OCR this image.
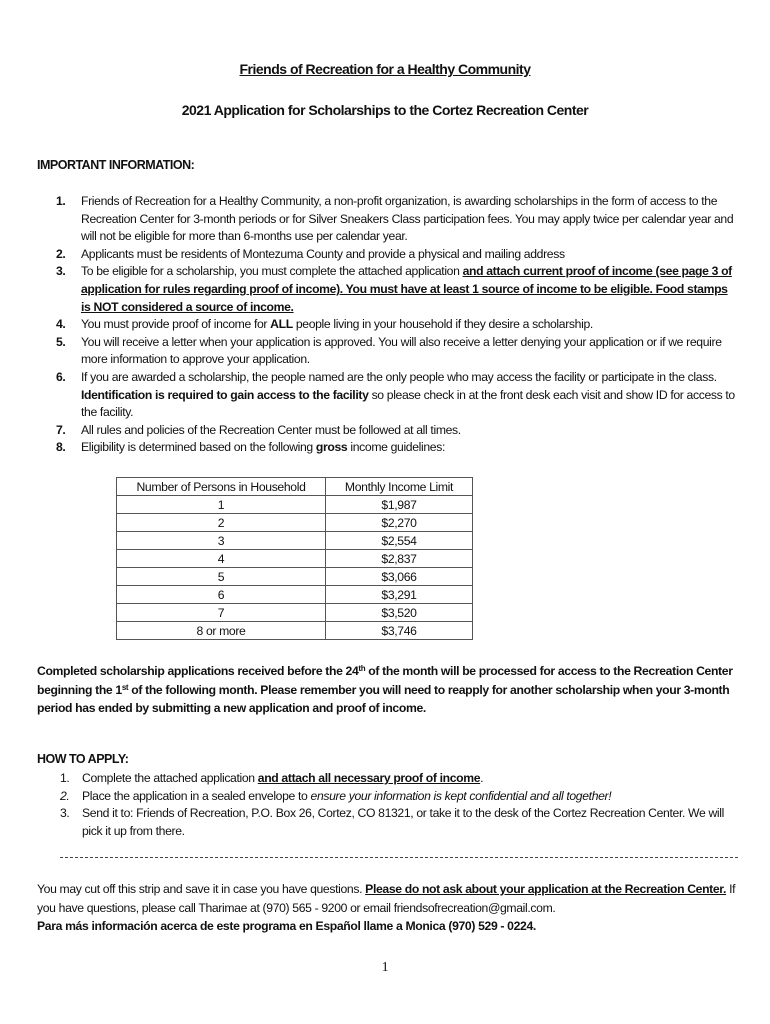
Friends of Recreation for a Healthy Community
2021 Application for Scholarships to the Cortez Recreation Center
IMPORTANT INFORMATION:
1. Friends of Recreation for a Healthy Community, a non-profit organization, is awarding scholarships in the form of access to the Recreation Center for 3-month periods or for Silver Sneakers Class participation fees. You may apply twice per calendar year and will not be eligible for more than 6-months use per calendar year.
2. Applicants must be residents of Montezuma County and provide a physical and mailing address
3. To be eligible for a scholarship, you must complete the attached application and attach current proof of income (see page 3 of application for rules regarding proof of income). You must have at least 1 source of income to be eligible. Food stamps is NOT considered a source of income.
4. You must provide proof of income for ALL people living in your household if they desire a scholarship.
5. You will receive a letter when your application is approved. You will also receive a letter denying your application or if we require more information to approve your application.
6. If you are awarded a scholarship, the people named are the only people who may access the facility or participate in the class. Identification is required to gain access to the facility so please check in at the front desk each visit and show ID for access to the facility.
7. All rules and policies of the Recreation Center must be followed at all times.
8. Eligibility is determined based on the following gross income guidelines:
Number of Persons in Household	Monthly Income Limit
1	$1,987
2	$2,270
3	$2,554
4	$2,837
5	$3,066
6	$3,291
7	$3,520
8 or more	$3,746
Completed scholarship applications received before the 24th of the month will be processed for access to the Recreation Center beginning the 1st of the following month. Please remember you will need to reapply for another scholarship when your 3-month period has ended by submitting a new application and proof of income.
HOW TO APPLY:
1. Complete the attached application and attach all necessary proof of income.
2. Place the application in a sealed envelope to ensure your information is kept confidential and all together!
3. Send it to: Friends of Recreation, P.O. Box 26, Cortez, CO 81321, or take it to the desk of the Cortez Recreation Center. We will pick it up from there.
You may cut off this strip and save it in case you have questions. Please do not ask about your application at the Recreation Center. If you have questions, please call Tharimae at (970) 565 - 9200 or email friendsofrecreation@gmail.com.
Para más información acerca de este programa en Español llame a Monica (970) 529 - 0224.
1
